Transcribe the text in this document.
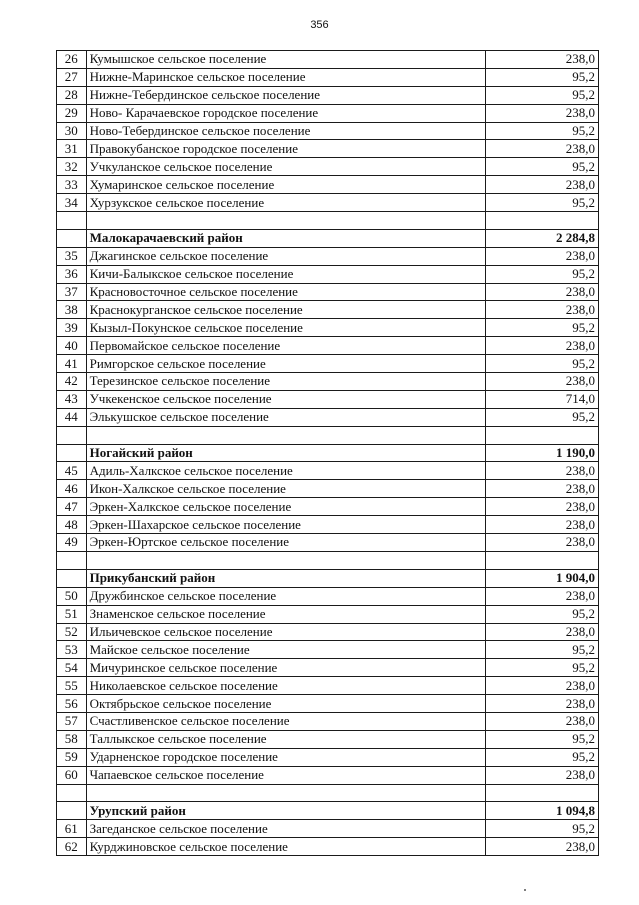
356
26	Кумышское сельское поселение	238,0
27	Нижне-Маринское сельское поселение	95,2
28	Нижне-Тебердинское сельское поселение	95,2
29	Ново- Карачаевское городское поселение	238,0
30	Ново-Тебердинское сельское поселение	95,2
31	Правокубанское городское поселение	238,0
32	Учкуланское сельское поселение	95,2
33	Хумаринское сельское поселение	238,0
34	Хурзукское сельское поселение	95,2

	Малокарачаевский район	2 284,8
35	Джагинское сельское поселение	238,0
36	Кичи-Балыкское сельское поселение	95,2
37	Красновосточное сельское поселение	238,0
38	Краснокурганское сельское поселение	238,0
39	Кызыл-Покунское сельское поселение	95,2
40	Первомайское сельское поселение	238,0
41	Римгорское сельское поселение	95,2
42	Терезинское сельское поселение	238,0
43	Учкекенское сельское поселение	714,0
44	Элькушское сельское поселение	95,2

	Ногайский район	1 190,0
45	Адиль-Халкское сельское поселение	238,0
46	Икон-Халкское сельское поселение	238,0
47	Эркен-Халкское сельское поселение	238,0
48	Эркен-Шахарское сельское поселение	238,0
49	Эркен-Юртское сельское поселение	238,0

	Прикубанский район	1 904,0
50	Дружбинское сельское поселение	238,0
51	Знаменское сельское поселение	95,2
52	Ильичевское сельское поселение	238,0
53	Майское сельское поселение	95,2
54	Мичуринское сельское поселение	95,2
55	Николаевское сельское поселение	238,0
56	Октябрьское сельское поселение	238,0
57	Счастливенское сельское поселение	238,0
58	Таллыкское сельское поселение	95,2
59	Ударненское городское поселение	95,2
60	Чапаевское сельское поселение	238,0

	Урупский район	1 094,8
61	Загеданское сельское поселение	95,2
62	Курджиновское сельское поселение	238,0
